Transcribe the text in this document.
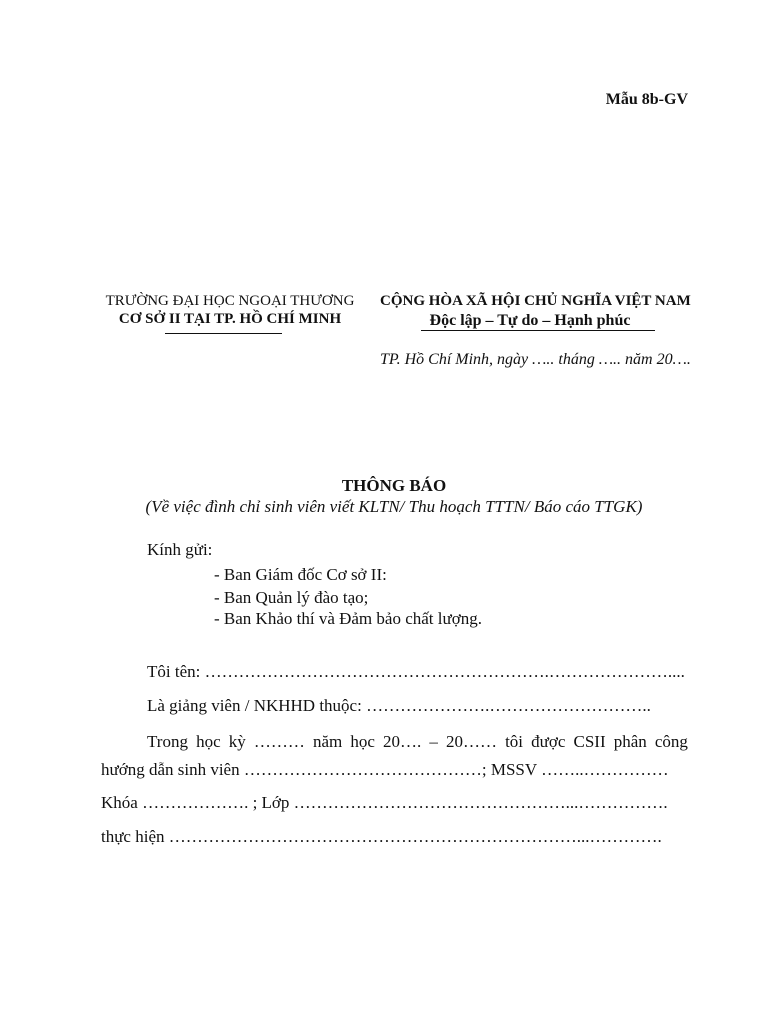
Mẫu 8b-GV
TRƯỜNG ĐẠI HỌC NGOẠI THƯƠNG
CƠ SỞ II TẠI TP. HỒ CHÍ MINH
CỘNG HÒA XÃ HỘI CHỦ NGHĨA VIỆT NAM
Độc lập – Tự do – Hạnh phúc
TP. Hồ Chí Minh, ngày ….. tháng ….. năm 20….
THÔNG BÁO
(Về việc đình chỉ sinh viên viết KLTN/ Thu hoạch TTTN/ Báo cáo TTGK)
Kính gửi:
- Ban Giám đốc Cơ sở II:
- Ban Quản lý đào tạo;
- Ban Khảo thí và Đảm bảo chất lượng.
Tôi tên: …………………………………………………….…………………....
Là giảng viên / NKHHD thuộc: ………………….………………………..
Trong học kỳ ……… năm học 20…. – 20…… tôi được CSII phân công
hướng dẫn sinh viên ……………………………………; MSSV ……..……………
Khóa ………………. ; Lớp …………………………………………...…………….
thực hiện ………………………………………………………………...………….
